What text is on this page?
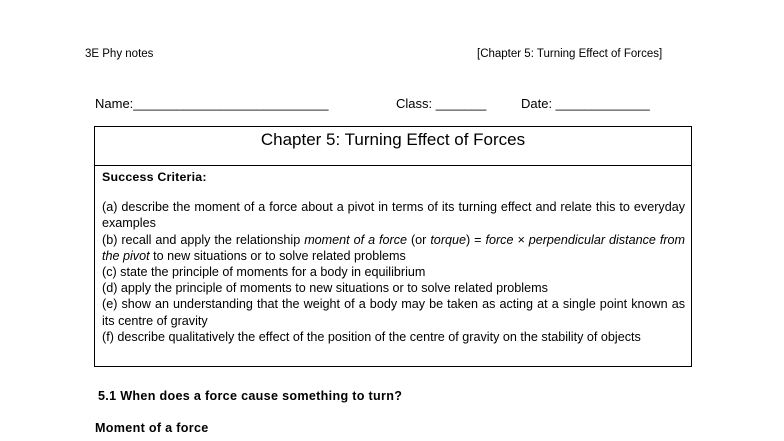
3E Phy notes	[Chapter 5: Turning Effect of Forces]
Name:___________________________	Class: _______	Date: _____________
Chapter 5: Turning Effect of Forces
Success Criteria:
(a) describe the moment of a force about a pivot in terms of its turning effect and relate this to everyday examples
(b) recall and apply the relationship moment of a force (or torque) = force × perpendicular distance from the pivot to new situations or to solve related problems
(c) state the principle of moments for a body in equilibrium
(d) apply the principle of moments to new situations or to solve related problems
(e) show an understanding that the weight of a body may be taken as acting at a single point known as its centre of gravity
(f) describe qualitatively the effect of the position of the centre of gravity on the stability of objects
5.1 When does a force cause something to turn?
Moment of a force
